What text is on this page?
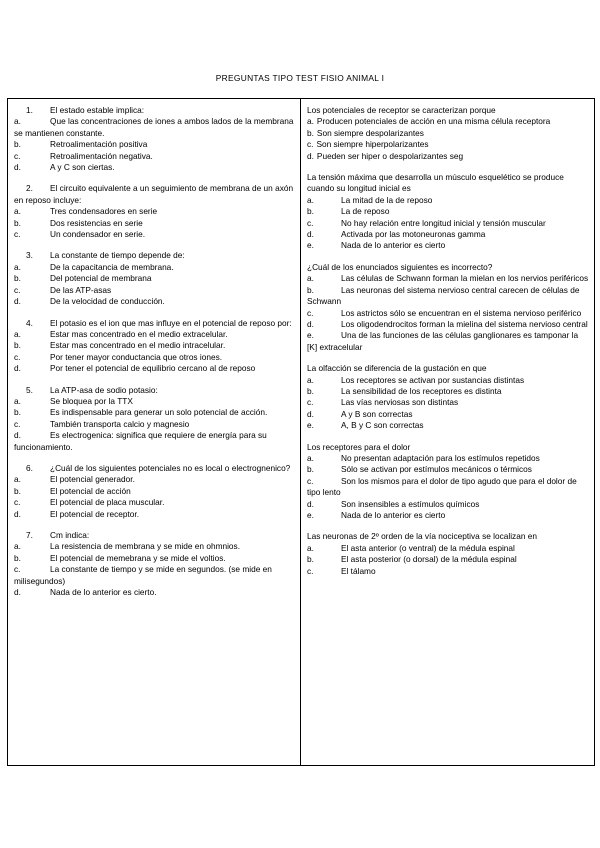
PREGUNTAS TIPO TEST FISIO ANIMAL I
1. El estado estable implica:
a.	Que las concentraciones de iones a ambos lados de la membrana se mantienen constante.
b.	Retroalimentación positiva
c.	Retroalimentación negativa.
d.	A y C son ciertas.
2. El circuito equivalente a un seguimiento de membrana de un axón en reposo incluye:
a.	Tres condensadores en serie
b.	Dos resistencias en serie
c.	Un condensador en serie.
3. La constante de tiempo depende de:
a.	De la capacitancia de membrana.
b.	Del potencial de membrana
c.	De las ATP-asas
d.	De la velocidad de conducción.
4. El potasio es el ion que mas influye en el potencial de reposo por:
a.	Estar mas concentrado en el medio extracelular.
b.	Estar mas concentrado en el medio intracelular.
c.	Por tener mayor conductancia que otros iones.
d.	Por tener el potencial de equilibrio cercano al de reposo
5. La ATP-asa de sodio potasio:
a.	Se bloquea por la TTX
b.	Es indispensable para generar un solo potencial de acción.
c.	También transporta calcio y magnesio
d.	Es electrogenica: significa que requiere de energía para su funcionamiento.
6. ¿Cuál de los siguientes potenciales no es local o electrognenico?
a.	El potencial generador.
b.	El potencial de acción
c.	El potencial de placa muscular.
d.	El potencial de receptor.
7. Cm indica:
a.	La resistencia de membrana y se mide en ohmnios.
b.	El potencial de memebrana y se mide el voltios.
c.	La constante de tiempo y se mide en segundos. (se mide en milisegundos)
d.	Nada de lo anterior es cierto.
Los potenciales de receptor se caracterizan porque
a. Producen potenciales de acción en una misma célula receptora
b. Son siempre despolarizantes
c. Son siempre hiperpolarizantes
d. Pueden ser hiper o despolarizantes seg
La tensión máxima que desarrolla un músculo esquelético se produce cuando su longitud inicial es
a.	La mitad de la de reposo
b.	La de reposo
c.	No hay relación entre longitud inicial y tensión muscular
d.	Activada por las motoneuronas gamma
e.	Nada de lo anterior es cierto
¿Cuál de los enunciados siguientes es incorrecto?
a.	Las células de Schwann forman la mielan en los nervios periféricos
b.	Las neuronas del sistema nervioso central carecen de células de Schwann
c.	Los astrictos sólo se encuentran en el sistema nervioso periférico
d.	Los oligodendrocitos forman la mielina del sistema nervioso central
e.	Una de las funciones de las células ganglionares es tamponar la [K] extracelular
La olfacción se diferencia de la gustación en que
a.	Los receptores se activan por sustancias distintas
b.	La sensibilidad de los receptores es distinta
c.	Las vías nerviosas son distintas
d.	A y B son correctas
e.	A, B y C son correctas
Los receptores para el dolor
a.	No presentan adaptación para los estímulos repetidos
b.	Sólo se activan por estímulos mecánicos o térmicos
c.	Son los mismos para el dolor de tipo agudo que para el dolor de tipo lento
d.	Son insensibles a estímulos químicos
e.	Nada de lo anterior es cierto
Las neuronas de 2º orden de la vía nociceptiva se localizan en
a.	El asta anterior (o ventral) de la médula espinal
b.	El asta posterior (o dorsal) de la médula espinal
c.	El tálamo
